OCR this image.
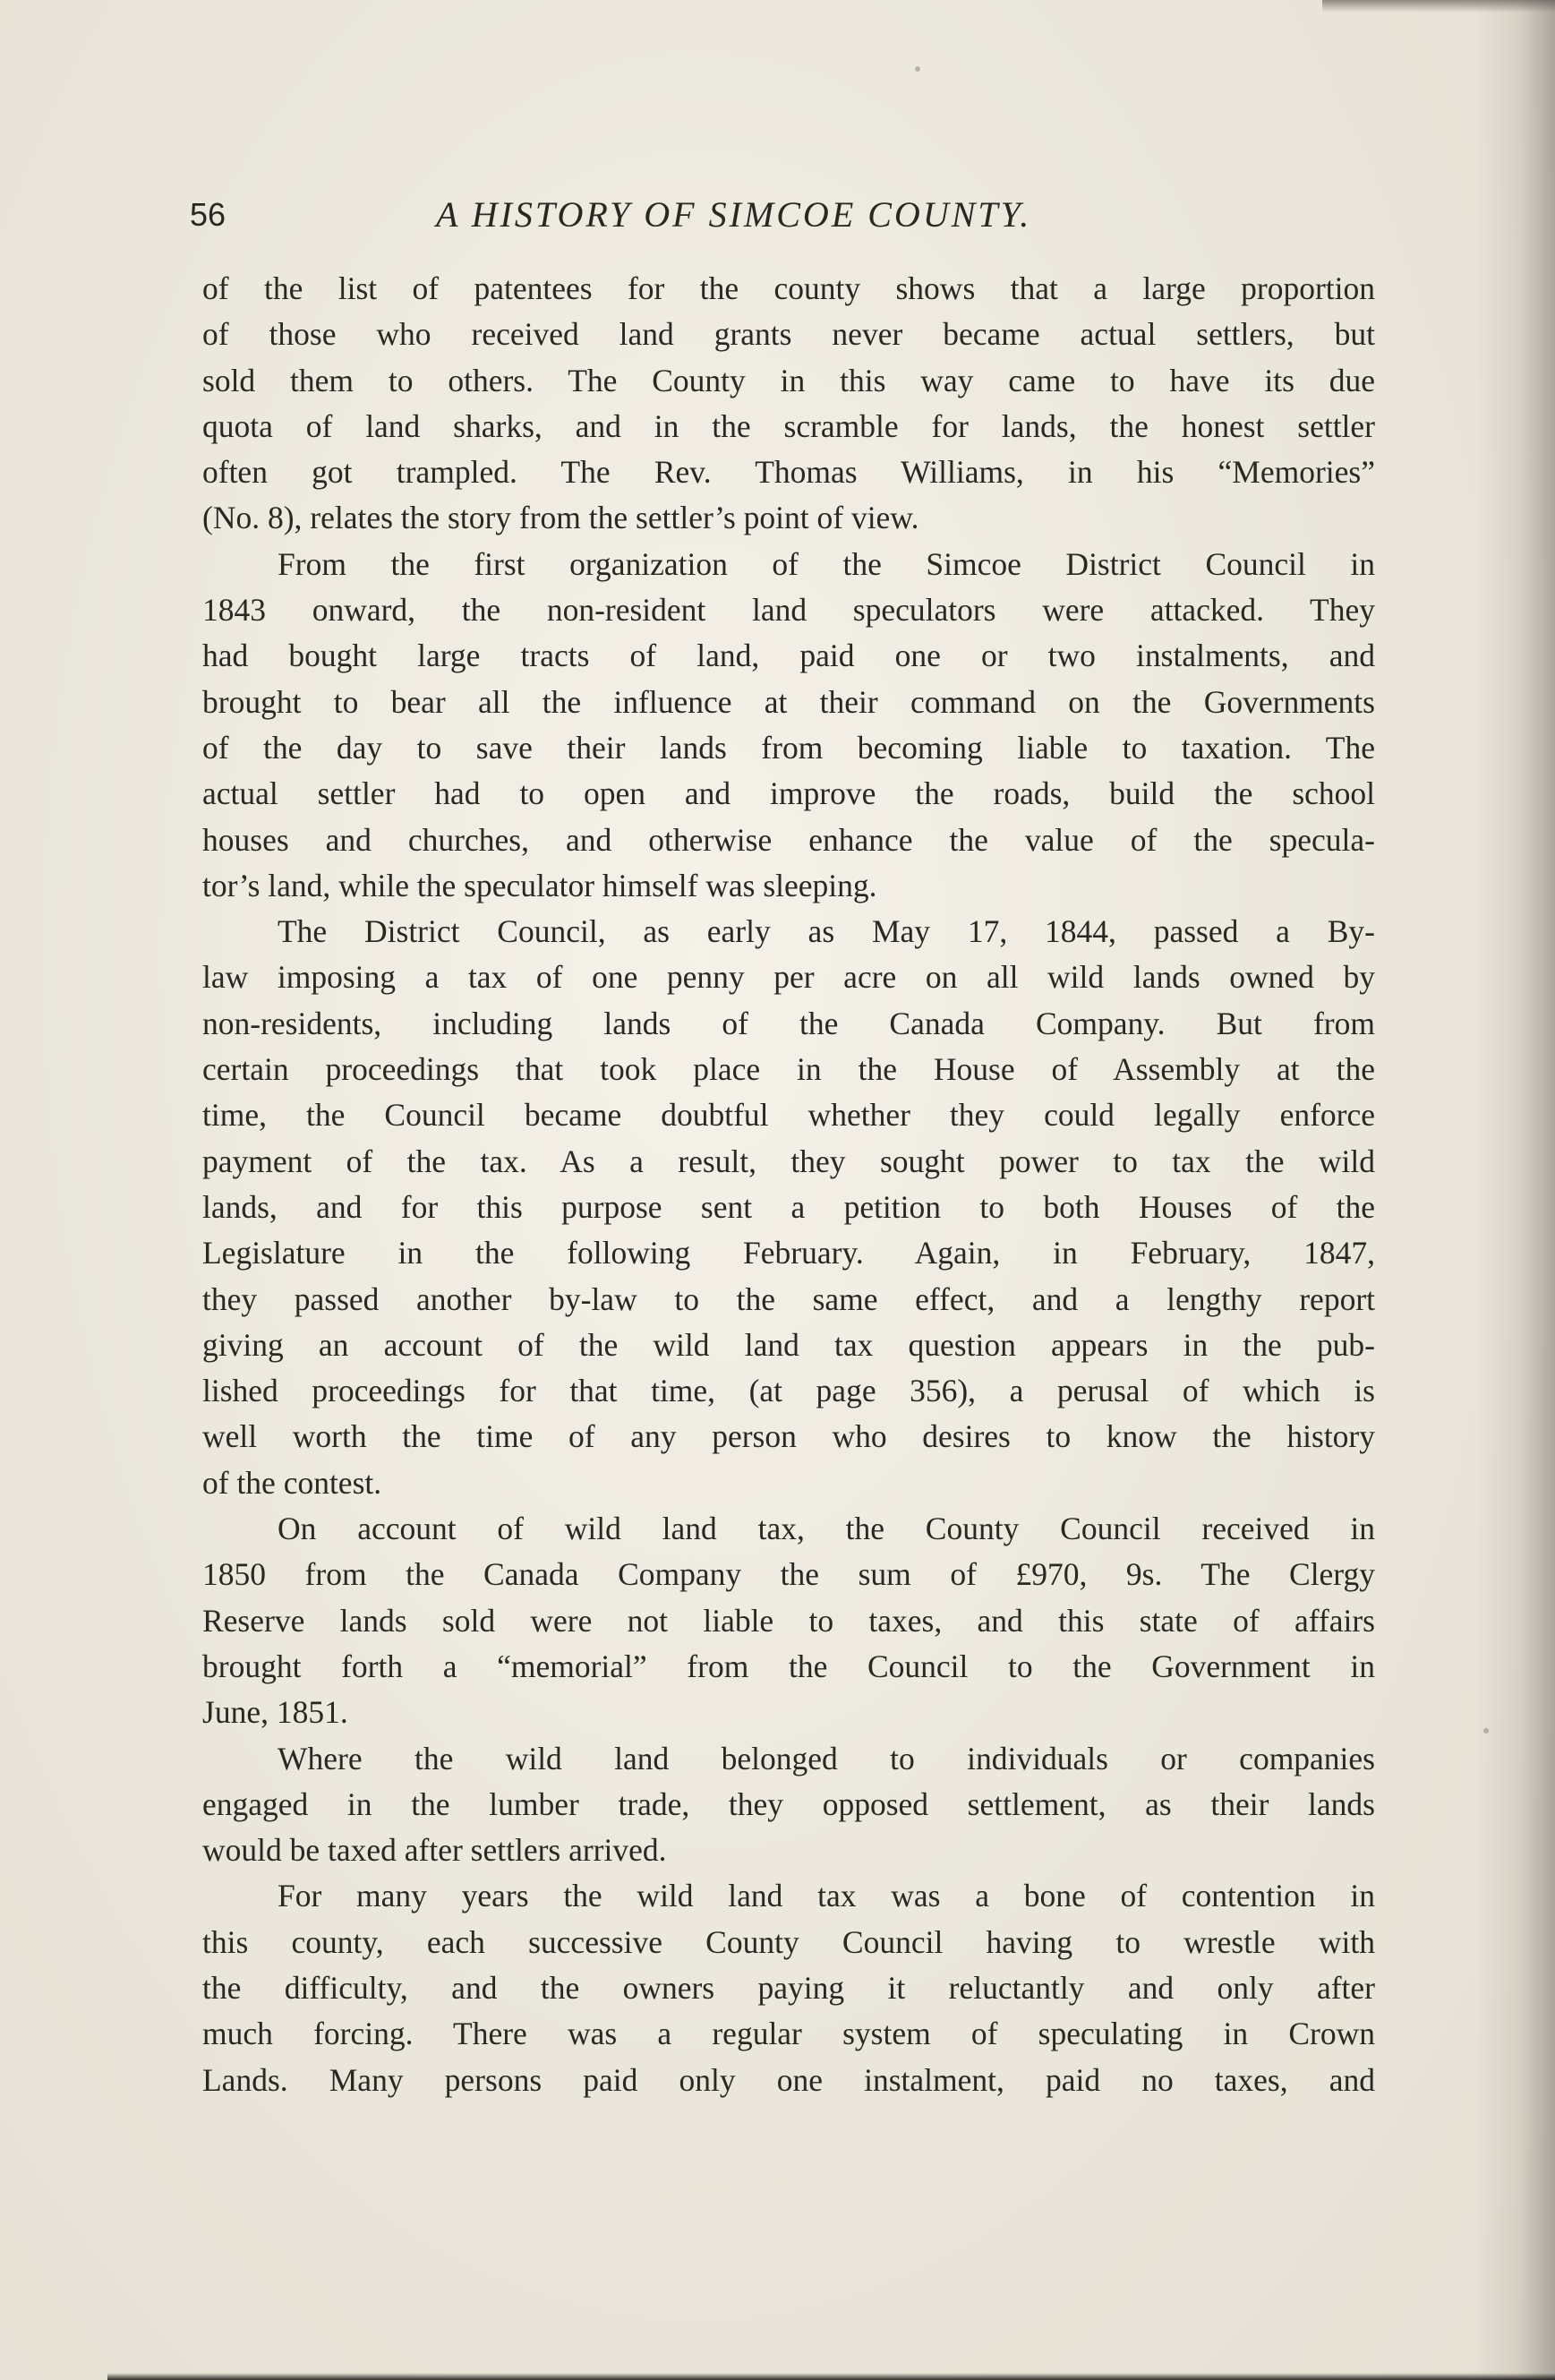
56	A HISTORY OF SIMCOE COUNTY.
of the list of patentees for the county shows that a large proportion
of those who received land grants never became actual settlers, but
sold them to others. The County in this way came to have its due
quota of land sharks, and in the scramble for lands, the honest settler
often got trampled. The Rev. Thomas Williams, in his “Memories”
(No. 8), relates the story from the settler’s point of view.
From the first organization of the Simcoe District Council in
1843 onward, the non-resident land speculators were attacked. They
had bought large tracts of land, paid one or two instalments, and
brought to bear all the influence at their command on the Governments
of the day to save their lands from becoming liable to taxation. The
actual settler had to open and improve the roads, build the school
houses and churches, and otherwise enhance the value of the specula-
tor’s land, while the speculator himself was sleeping.
The District Council, as early as May 17, 1844, passed a By-
law imposing a tax of one penny per acre on all wild lands owned by
non-residents, including lands of the Canada Company. But from
certain proceedings that took place in the House of Assembly at the
time, the Council became doubtful whether they could legally enforce
payment of the tax. As a result, they sought power to tax the wild
lands, and for this purpose sent a petition to both Houses of the
Legislature in the following February. Again, in February, 1847,
they passed another by-law to the same effect, and a lengthy report
giving an account of the wild land tax question appears in the pub-
lished proceedings for that time, (at page 356), a perusal of which is
well worth the time of any person who desires to know the history
of the contest.
On account of wild land tax, the County Council received in
1850 from the Canada Company the sum of £970, 9s. The Clergy
Reserve lands sold were not liable to taxes, and this state of affairs
brought forth a “memorial” from the Council to the Government in
June, 1851.
Where the wild land belonged to individuals or companies
engaged in the lumber trade, they opposed settlement, as their lands
would be taxed after settlers arrived.
For many years the wild land tax was a bone of contention in
this county, each successive County Council having to wrestle with
the difficulty, and the owners paying it reluctantly and only after
much forcing. There was a regular system of speculating in Crown
Lands. Many persons paid only one instalment, paid no taxes, and
